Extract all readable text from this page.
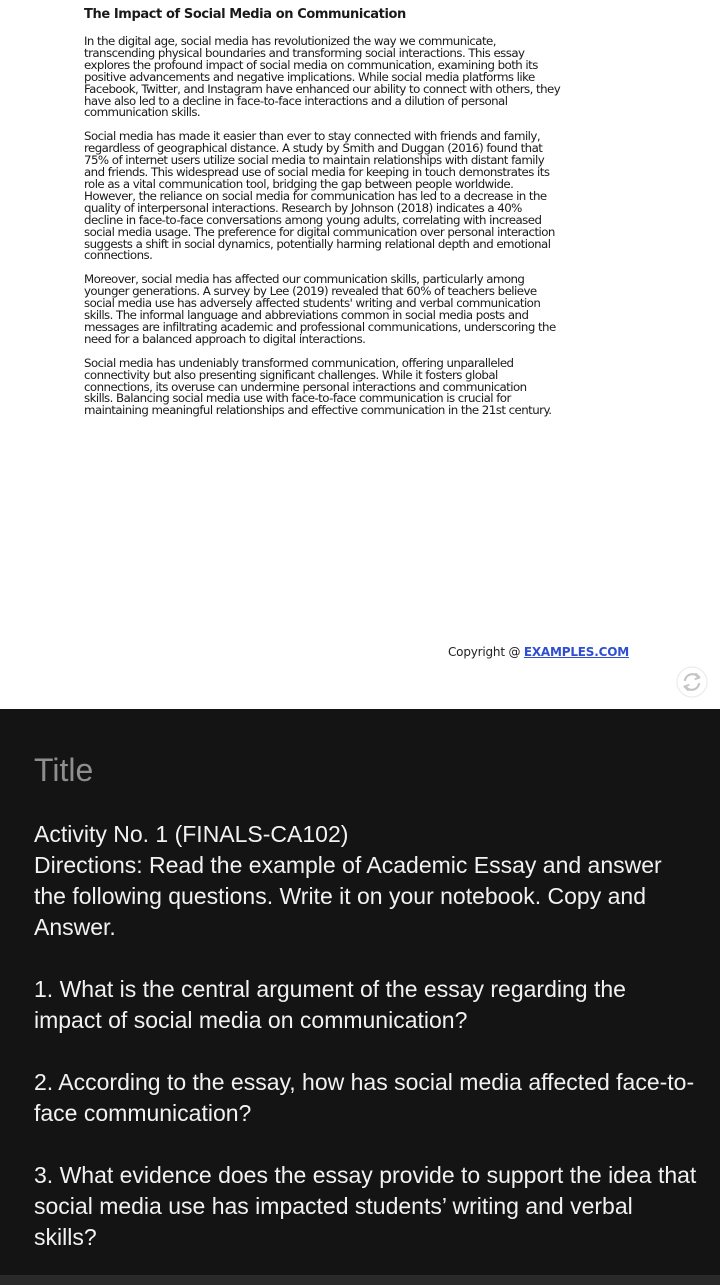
The Impact of Social Media on Communication
In the digital age, social media has revolutionized the way we communicate,
transcending physical boundaries and transforming social interactions. This essay
explores the profound impact of social media on communication, examining both its
positive advancements and negative implications. While social media platforms like
Facebook, Twitter, and Instagram have enhanced our ability to connect with others, they
have also led to a decline in face-to-face interactions and a dilution of personal
communication skills.
Social media has made it easier than ever to stay connected with friends and family,
regardless of geographical distance. A study by Smith and Duggan (2016) found that
75% of internet users utilize social media to maintain relationships with distant family
and friends. This widespread use of social media for keeping in touch demonstrates its
role as a vital communication tool, bridging the gap between people worldwide.
However, the reliance on social media for communication has led to a decrease in the
quality of interpersonal interactions. Research by Johnson (2018) indicates a 40%
decline in face-to-face conversations among young adults, correlating with increased
social media usage. The preference for digital communication over personal interaction
suggests a shift in social dynamics, potentially harming relational depth and emotional
connections.
Moreover, social media has affected our communication skills, particularly among
younger generations. A survey by Lee (2019) revealed that 60% of teachers believe
social media use has adversely affected students' writing and verbal communication
skills. The informal language and abbreviations common in social media posts and
messages are infiltrating academic and professional communications, underscoring the
need for a balanced approach to digital interactions.
Social media has undeniably transformed communication, offering unparalleled
connectivity but also presenting significant challenges. While it fosters global
connections, its overuse can undermine personal interactions and communication
skills. Balancing social media use with face-to-face communication is crucial for
maintaining meaningful relationships and effective communication in the 21st century.
Copyright @ EXAMPLES.COM
Title

Activity No. 1 (FINALS-CA102)

Directions: Read the example of Academic Essay and answer the following questions. Write it on your notebook. Copy and Answer.

1. What is the central argument of the essay regarding the impact of social media on communication?

2. According to the essay, how has social media affected face-to-face communication?

3. What evidence does the essay provide to support the idea that social media use has impacted students’ writing and verbal skills?
